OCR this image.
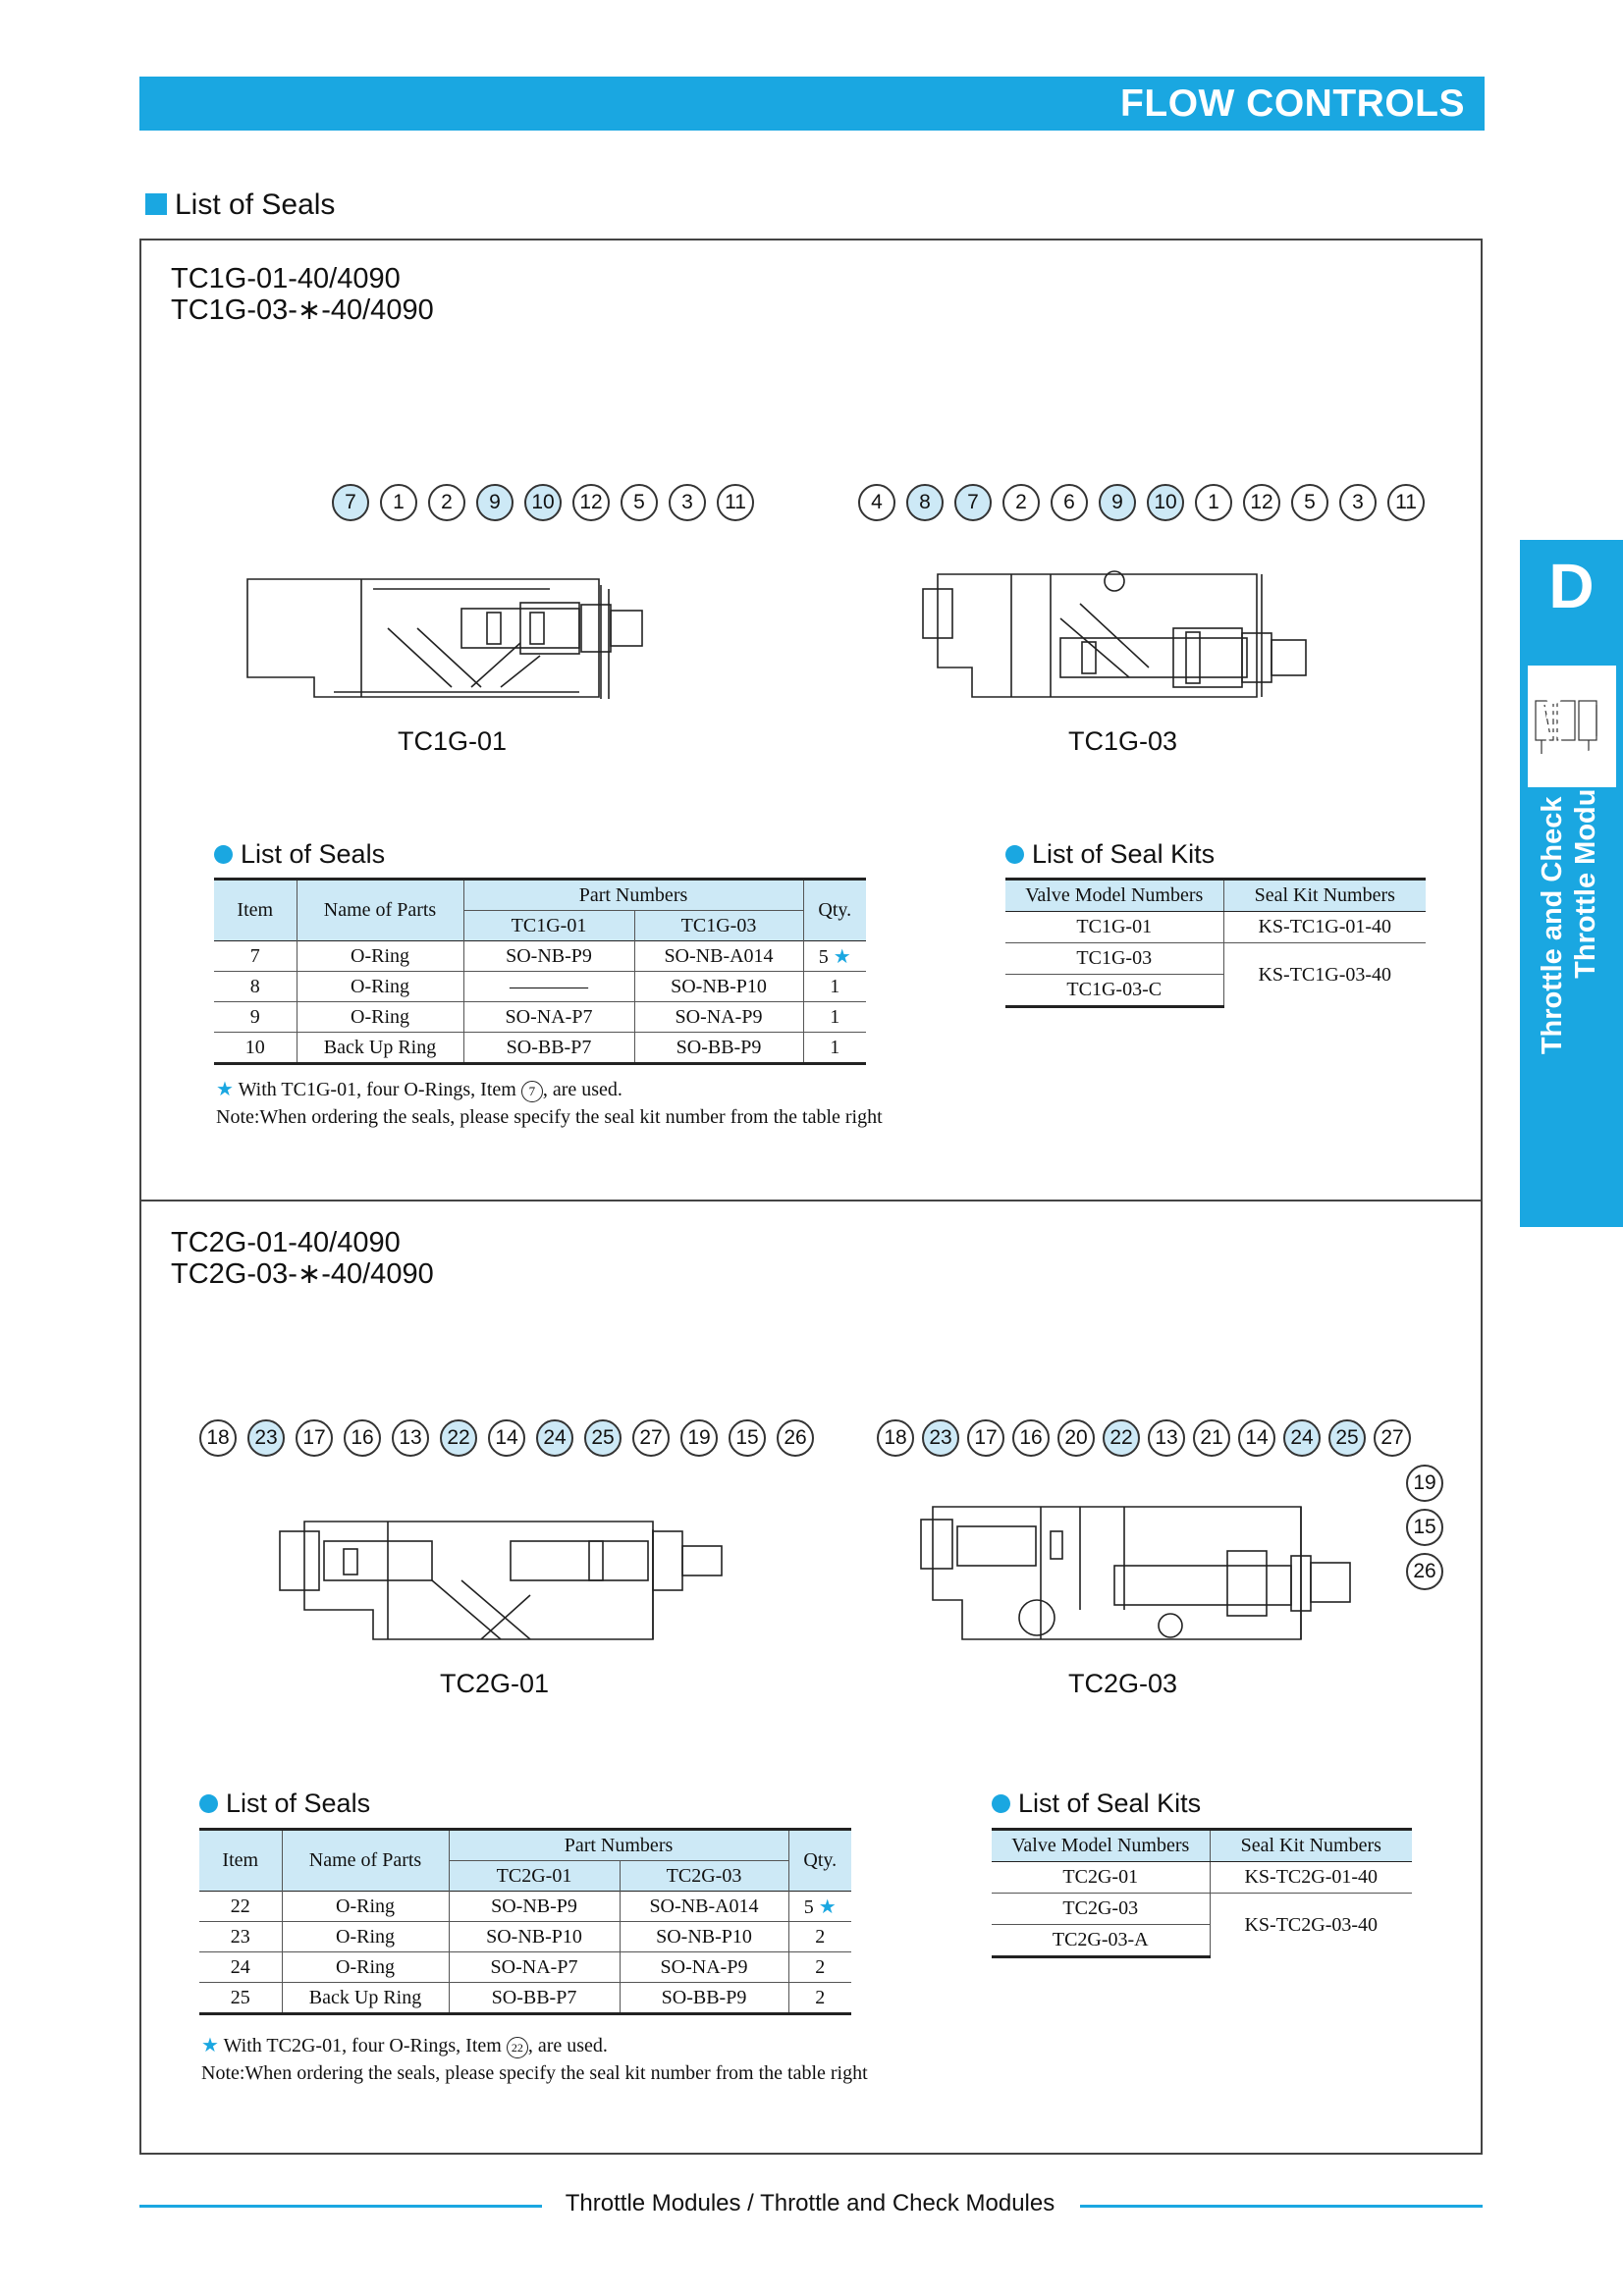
FLOW CONTROLS
List of Seals
TC1G-01-40/4090
TC1G-03-∗-40/4090
7	1	2	9	10	12	5	3	11	4	8	7	2	6	9	10	1	12	5	3	11
TC1G-01	TC1G-03
List of Seals
Item	Name of Parts	Part Numbers		Qty.
		TC1G-01	TC1G-03	
7	O-Ring	SO-NB-P9	SO-NB-A014	5 ★
8	O-Ring	————	SO-NB-P10	1
9	O-Ring	SO-NA-P7	SO-NA-P9	1
10	Back Up Ring	SO-BB-P7	SO-BB-P9	1
List of Seal Kits
Valve Model Numbers	Seal Kit Numbers
TC1G-01	KS-TC1G-01-40
TC1G-03	KS-TC1G-03-40
TC1G-03-C	
★ With TC1G-01, four O-Rings, Item 7 , are used.
Note:When ordering the seals, please specify the seal kit number from the table right
TC2G-01-40/4090
TC2G-03-∗-40/4090
18	23	17	16	13	22	14	24	25	27	19	15	26	18	23	17	16	20	22	13	21	14	24	25	27
19
15
26
TC2G-01	TC2G-03
List of Seals
Item	Name of Parts	Part Numbers		Qty.
		TC2G-01	TC2G-03	
22	O-Ring	SO-NB-P9	SO-NB-A014	5 ★
23	O-Ring	SO-NB-P10	SO-NB-P10	2
24	O-Ring	SO-NA-P7	SO-NA-P9	2
25	Back Up Ring	SO-BB-P7	SO-BB-P9	2
List of Seal Kits
Valve Model Numbers	Seal Kit Numbers
TC2G-01	KS-TC2G-01-40
TC2G-03	KS-TC2G-03-40
TC2G-03-A	
★ With TC2G-01, four O-Rings, Item 22 , are used.
Note:When ordering the seals, please specify the seal kit number from the table right
D
Throttle and Check Modules Throttle Modules
Throttle Modules / Throttle and Check Modules
